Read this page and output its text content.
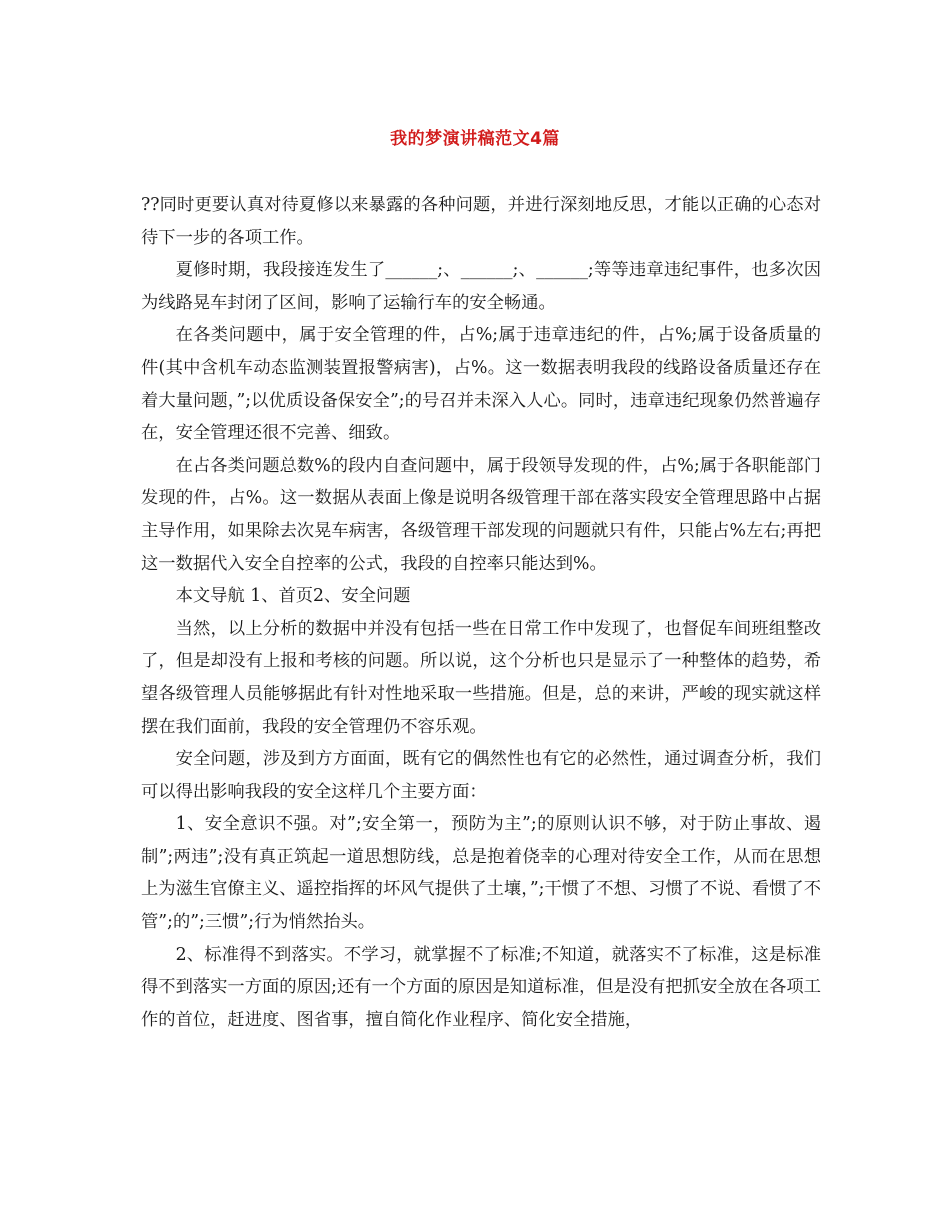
我的梦演讲稿范文4篇

??同时更要认真对待夏修以来暴露的各种问题，并进行深刻地反思，才能以正确的心态对待下一步的各项工作。

夏修时期，我段接连发生了______;、______;、______;等等违章违纪事件，也多次因为线路晃车封闭了区间，影响了运输行车的安全畅通。

在各类问题中，属于安全管理的件，占%;属于违章违纪的件，占%;属于设备质量的件(其中含机车动态监测装置报警病害)，占%。这一数据表明我段的线路设备质量还存在着大量问题，”;以优质设备保安全”;的号召并未深入人心。同时，违章违纪现象仍然普遍存在，安全管理还很不完善、细致。

在占各类问题总数%的段内自查问题中，属于段领导发现的件，占%;属于各职能部门发现的件，占%。这一数据从表面上像是说明各级管理干部在落实段安全管理思路中占据主导作用，如果除去次晃车病害，各级管理干部发现的问题就只有件，只能占%左右;再把这一数据代入安全自控率的公式，我段的自控率只能达到%。

本文导航 1、首页2、安全问题

当然，以上分析的数据中并没有包括一些在日常工作中发现了，也督促车间班组整改了，但是却没有上报和考核的问题。所以说，这个分析也只是显示了一种整体的趋势，希望各级管理人员能够据此有针对性地采取一些措施。但是，总的来讲，严峻的现实就这样摆在我们面前，我段的安全管理仍不容乐观。

安全问题，涉及到方方面面，既有它的偶然性也有它的必然性，通过调查分析，我们可以得出影响我段的安全这样几个主要方面：

1、安全意识不强。对”;安全第一，预防为主”;的原则认识不够，对于防止事故、遏制”;两违”;没有真正筑起一道思想防线，总是抱着侥幸的心理对待安全工作，从而在思想上为滋生官僚主义、遥控指挥的坏风气提供了土壤，”;干惯了不想、习惯了不说、看惯了不管”;的”;三惯”;行为悄然抬头。

2、标准得不到落实。不学习，就掌握不了标准;不知道，就落实不了标准，这是标准得不到落实一方面的原因;还有一个方面的原因是知道标准，但是没有把抓安全放在各项工作的首位，赶进度、图省事，擅自简化作业程序、简化安全措施，
